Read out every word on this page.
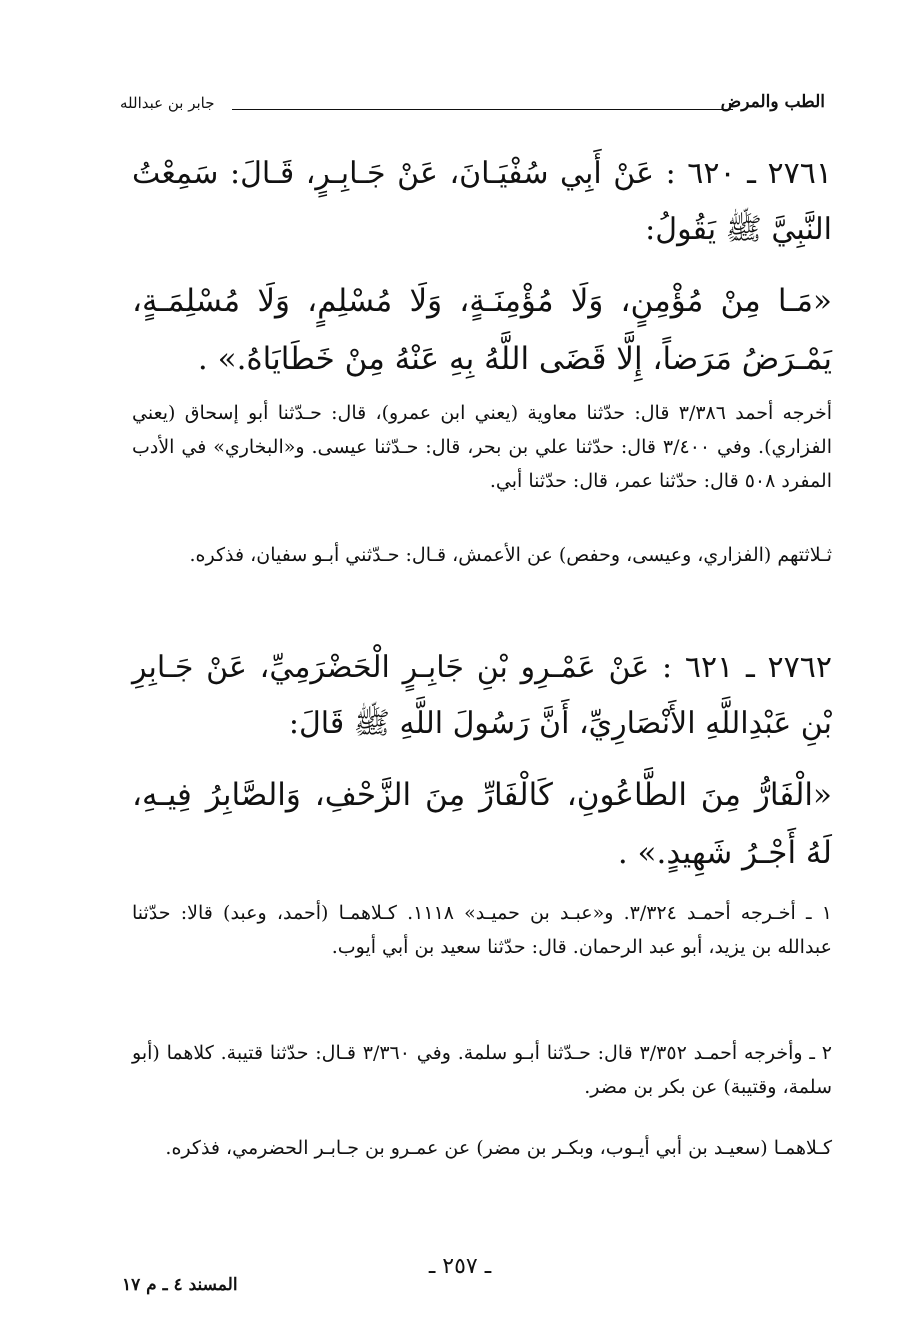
الطب والمرض
جابر بن عبدالله
٢٧٦١ ـ ٦٢٠ : عَنْ أَبِي سُفْيَـانَ، عَنْ جَـابِـرٍ، قَـالَ: سَمِعْتُ النَّبِيَّ ﷺ يَقُولُ:
«مَـا مِنْ مُؤْمِنٍ، وَلَا مُؤْمِنَـةٍ، وَلَا مُسْلِمٍ، وَلَا مُسْلِمَـةٍ، يَمْـرَضُ مَرَضاً، إِلَّا قَضَى اللَّهُ بِهِ عَنْهُ مِنْ خَطَايَاهُ.» .
أخرجه أحمد ٣/٣٨٦ قال: حدّثنا معاوية (يعني ابن عمرو)، قال: حـدّثنا أبو إسحاق (يعني الفزاري). وفي ٣/٤٠٠ قال: حدّثنا علي بن بحر، قال: حـدّثنا عيسى. و«البخاري» في الأدب المفرد ٥٠٨ قال: حدّثنا عمر، قال: حدّثنا أبي.
ثـلاثتهم (الفزاري، وعيسى، وحفص) عن الأعمش، قـال: حـدّثني أبـو سفيان، فذكره.
٢٧٦٢ ـ ٦٢١ : عَنْ عَمْـرِو بْنِ جَابِـرٍ الْحَضْرَمِيِّ، عَنْ جَـابِرِ بْنِ عَبْدِاللَّهِ الأَنْصَارِيِّ، أَنَّ رَسُولَ اللَّهِ ﷺ قَالَ:
«الْفَارُّ مِنَ الطَّاعُونِ، كَالْفَارِّ مِنَ الزَّحْفِ، وَالصَّابِرُ فِيـهِ، لَهُ أَجْـرُ شَهِيدٍ.» .
١ ـ أخـرجه أحمـد ٣/٣٢٤. و«عبـد بن حميـد» ١١١٨. كـلاهمـا (أحمد، وعبد) قالا: حدّثنا عبدالله بن يزيد، أبو عبد الرحمان. قال: حدّثنا سعيد بن أبي أيوب.
٢ ـ وأخرجه أحمـد ٣/٣٥٢ قال: حـدّثنا أبـو سلمة. وفي ٣/٣٦٠ قـال: حدّثنا قتيبة. كلاهما (أبو سلمة، وقتيبة) عن بكر بن مضر.
كـلاهمـا (سعيـد بن أبي أيـوب، وبكـر بن مضر) عن عمـرو بن جـابـر الحضرمي، فذكره.
ـ ٢٥٧ ـ
المسند ٤ ـ م ١٧
